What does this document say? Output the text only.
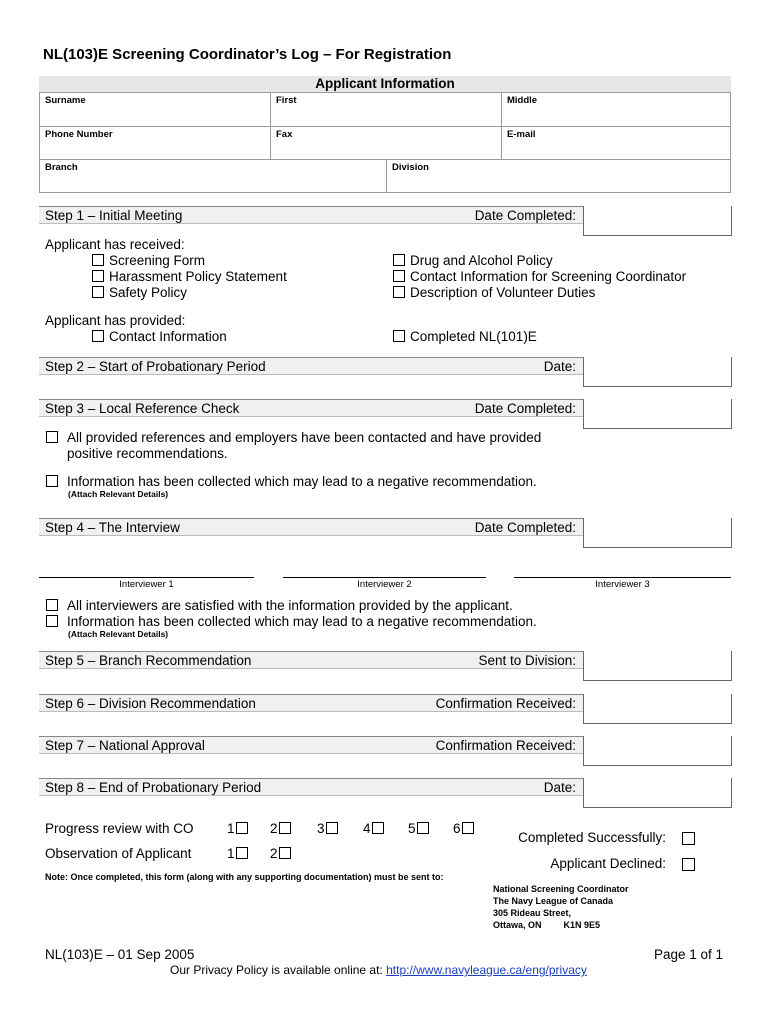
NL(103)E Screening Coordinator’s Log – For Registration
Applicant Information
Surname	First	Middle
Phone Number	Fax	E-mail
Branch	Division
Step 1 – Initial Meeting	Date Completed:
Applicant has received:
Screening Form
Harassment Policy Statement
Safety Policy
Drug and Alcohol Policy
Contact Information for Screening Coordinator
Description of Volunteer Duties
Applicant has provided:
Contact Information	Completed NL(101)E
Step 2 – Start of Probationary Period	Date:
Step 3 – Local Reference Check	Date Completed:
All provided references and employers have been contacted and have provided
positive recommendations.
Information has been collected which may lead to a negative recommendation.
(Attach Relevant Details)
Step 4 – The Interview	Date Completed:
Interviewer 1	Interviewer 2	Interviewer 3
All interviewers are satisfied with the information provided by the applicant.
Information has been collected which may lead to a negative recommendation.
(Attach Relevant Details)
Step 5 – Branch Recommendation	Sent to Division:
Step 6 – Division Recommendation	Confirmation Received:
Step 7 – National Approval	Confirmation Received:
Step 8 – End of Probationary Period	Date:
Progress review with CO 1	2	3	4	5	6
Observation of Applicant	1	2
Completed Successfully:
Applicant Declined:
Note: Once completed, this form (along with any supporting documentation) must be sent to:
National Screening Coordinator
The Navy League of Canada
305 Rideau Street,
Ottawa, ON K1N 9E5
NL(103)E – 01 Sep 2005	Page 1 of 1
Our Privacy Policy is available online at: http://www.navyleague.ca/eng/privacy
